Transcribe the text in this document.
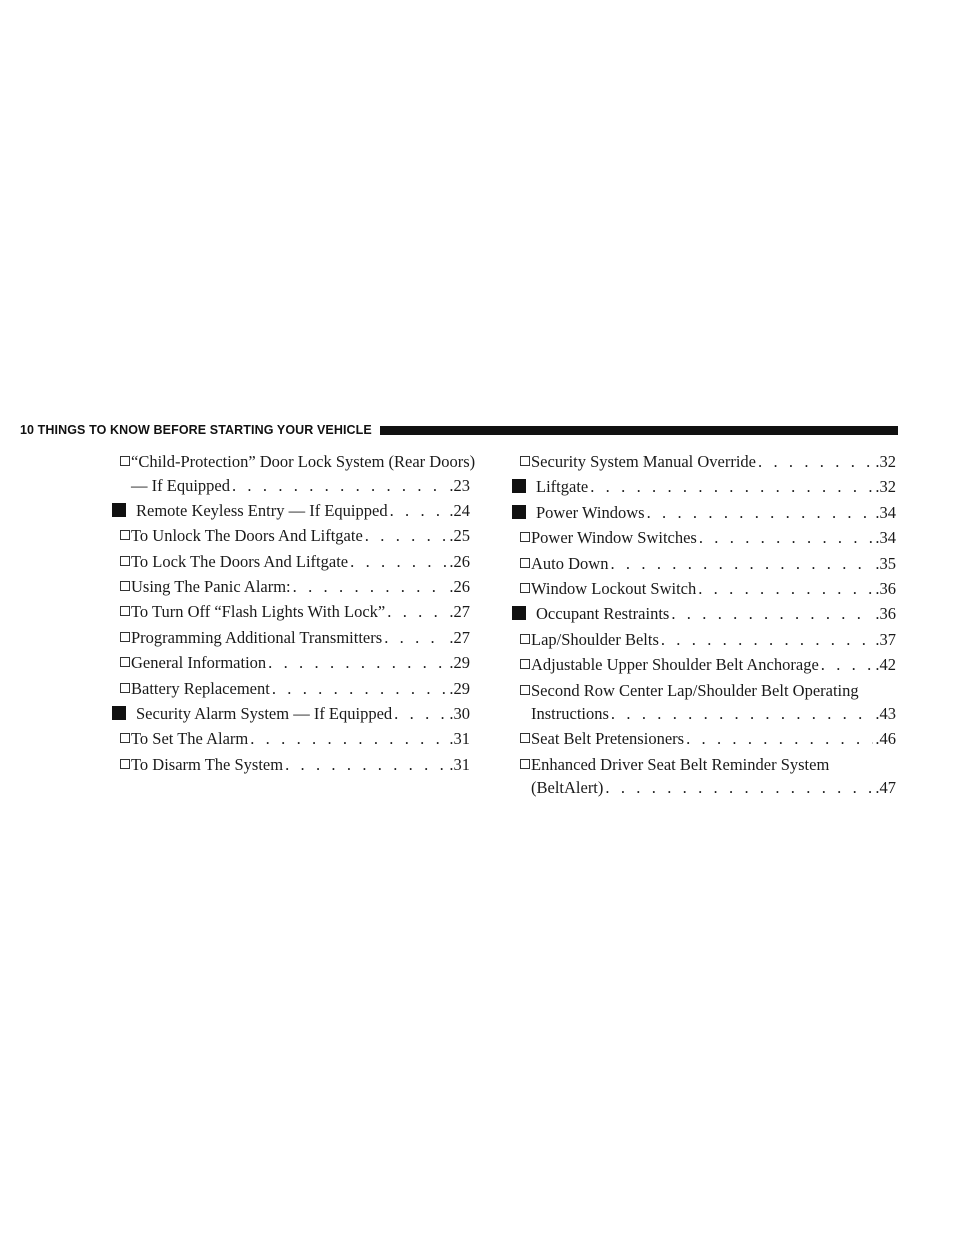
10 THINGS TO KNOW BEFORE STARTING YOUR VEHICLE
“Child-Protection” Door Lock System (Rear Doors)
— If Equipped . . .	.23
Remote Keyless Entry — If Equipped . . .	.24
To Unlock The Doors And Liftgate . . .	.25
To Lock The Doors And Liftgate . . .	.26
Using The Panic Alarm: . . .	.26
To Turn Off “Flash Lights With Lock” . . .	.27
Programming Additional Transmitters . . .	.27
General Information . . .	.29
Battery Replacement . . .	.29
Security Alarm System — If Equipped . . .	.30
To Set The Alarm . . .	.31
To Disarm The System . . .	.31
Security System Manual Override . . .	.32
Liftgate . . .	.32
Power Windows . . .	.34
Power Window Switches . . .	.34
Auto Down . . .	.35
Window Lockout Switch . . .	.36
Occupant Restraints . . .	.36
Lap/Shoulder Belts . . .	.37
Adjustable Upper Shoulder Belt Anchorage . . .	.42
Second Row Center Lap/Shoulder Belt Operating
Instructions . . .	.43
Seat Belt Pretensioners . . .	.46
Enhanced Driver Seat Belt Reminder System
(BeltAlert) . . .	.47
